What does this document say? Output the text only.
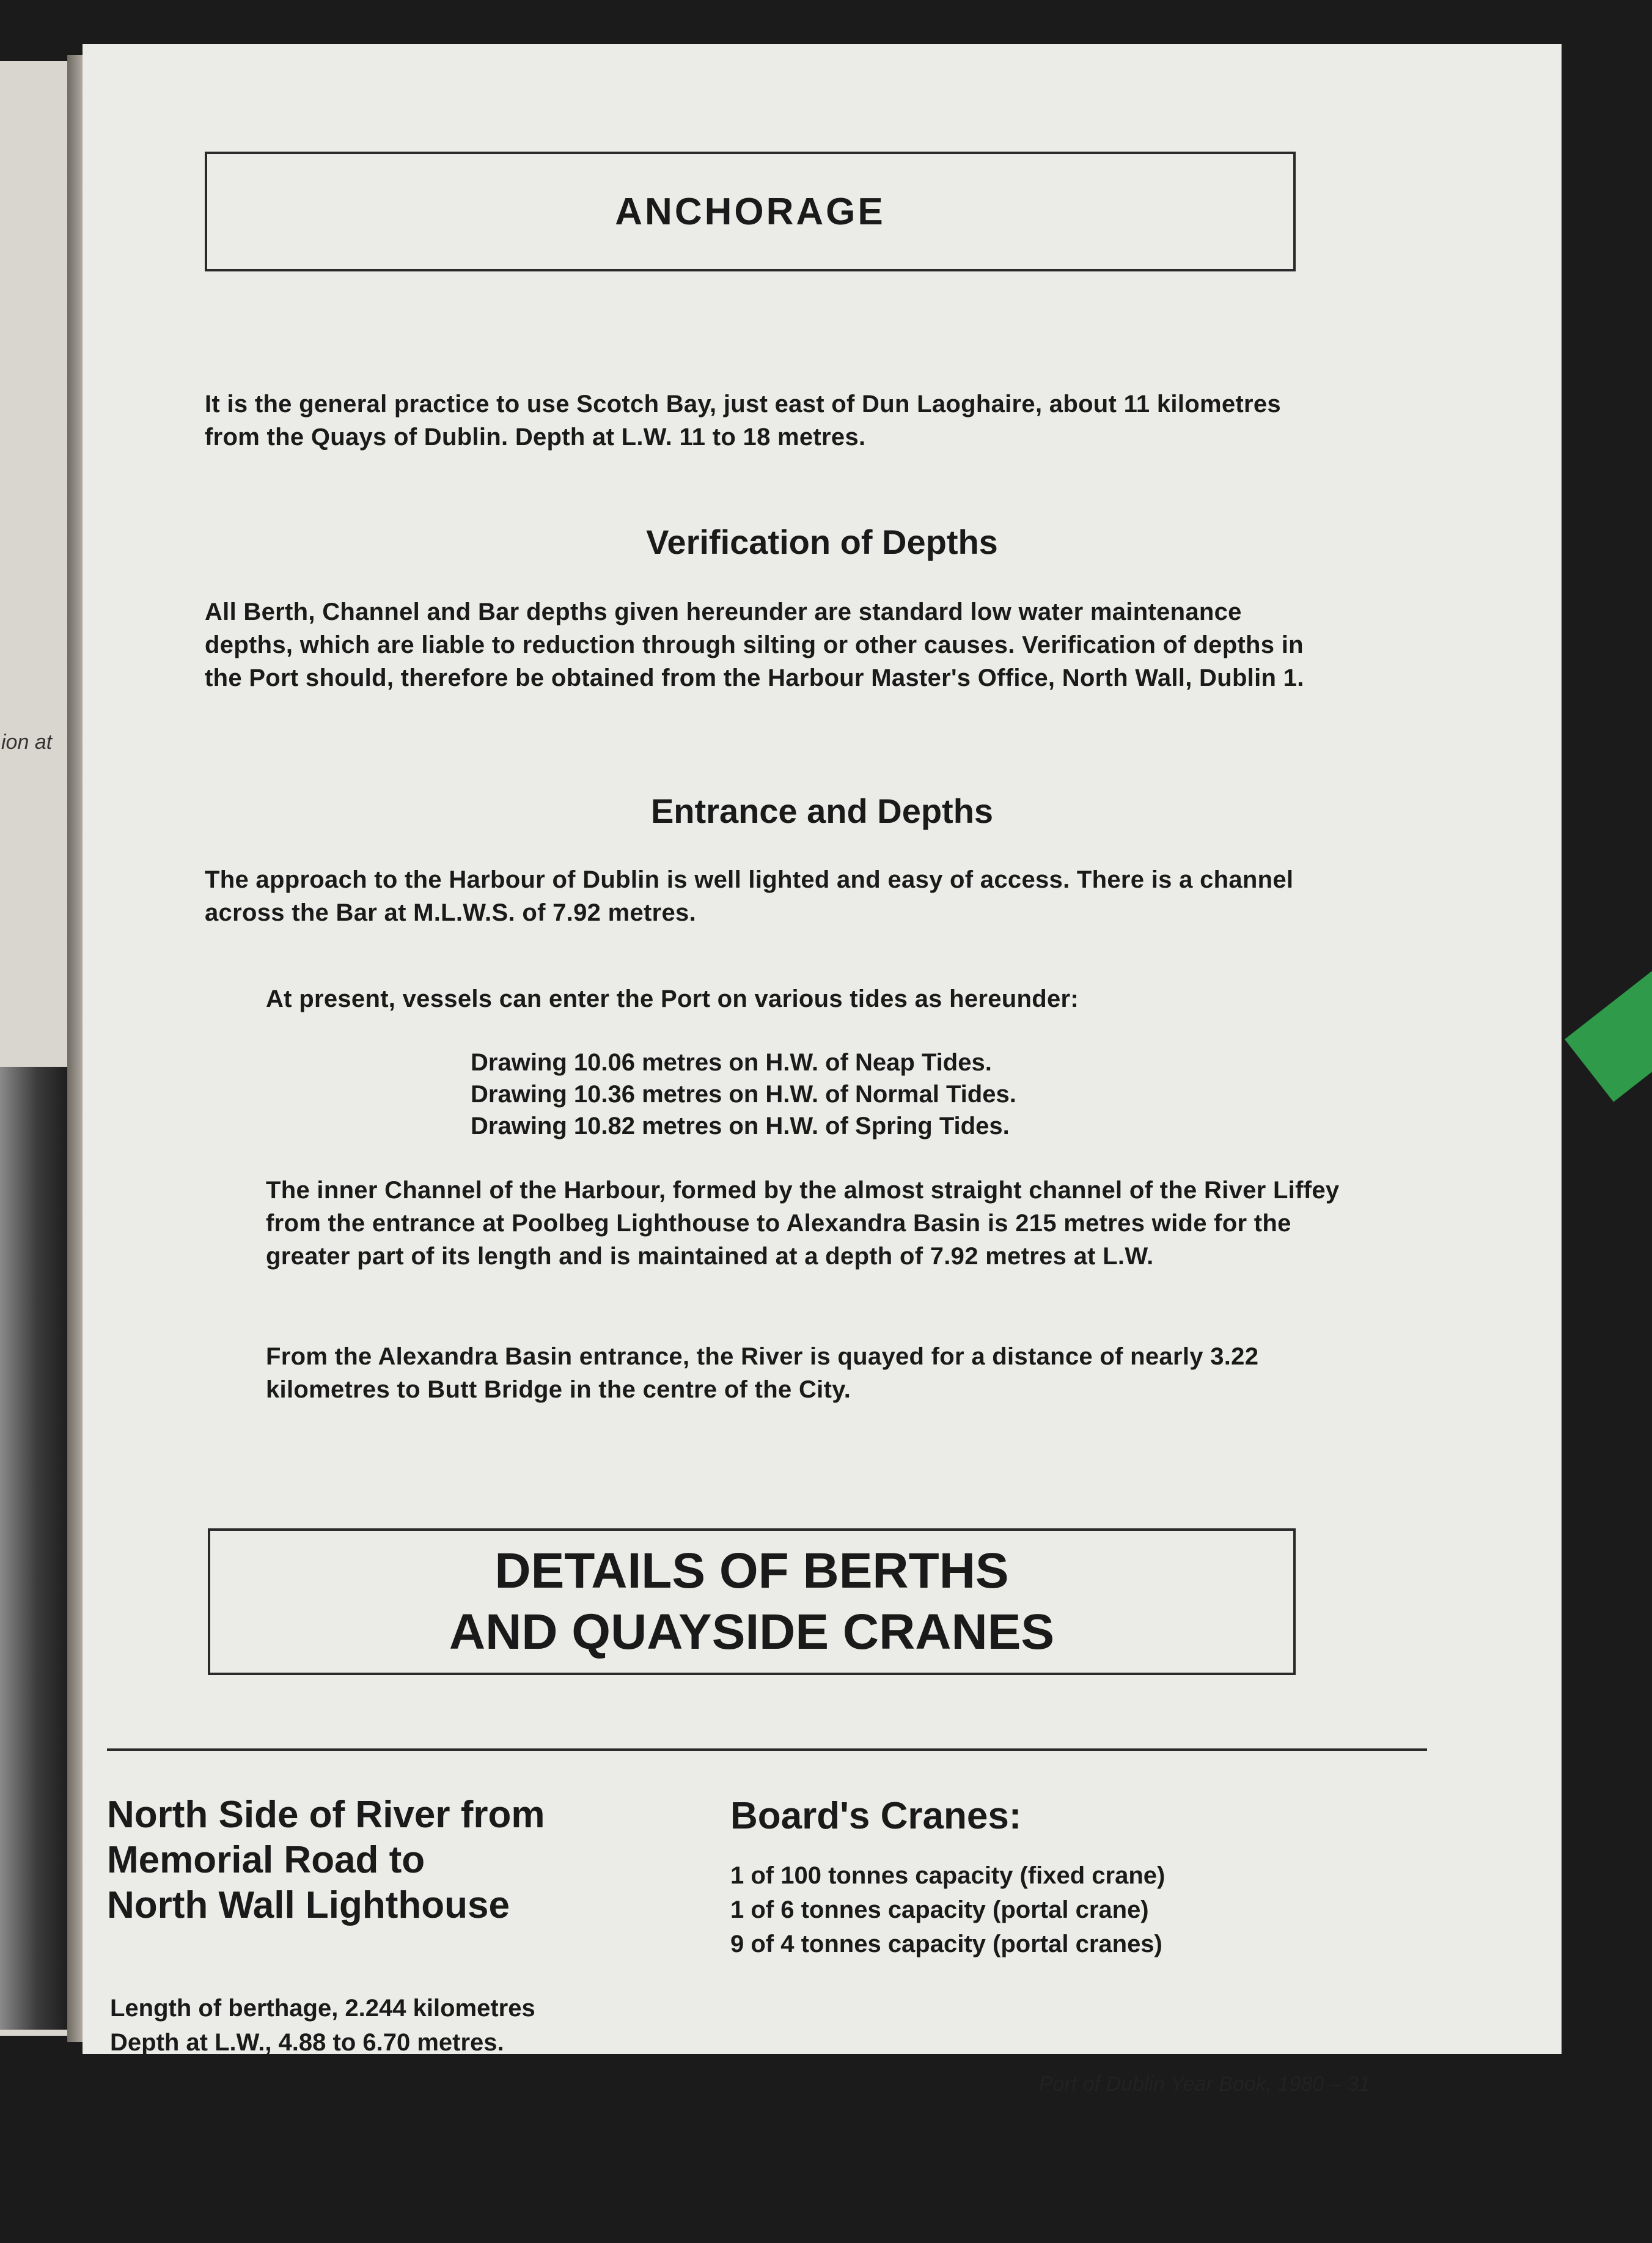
ion at
ANCHORAGE

It is the general practice to use Scotch Bay, just east of Dun Laoghaire, about 11 kilometres from the Quays of Dublin. Depth at L.W. 11 to 18 metres.

Verification of Depths

All Berth, Channel and Bar depths given hereunder are standard low water maintenance depths, which are liable to reduction through silting or other causes. Verification of depths in the Port should, therefore be obtained from the Harbour Master's Office, North Wall, Dublin 1.

Entrance and Depths

The approach to the Harbour of Dublin is well lighted and easy of access. There is a channel across the Bar at M.L.W.S. of 7.92 metres.

At present, vessels can enter the Port on various tides as hereunder:

Drawing 10.06 metres on H.W. of Neap Tides.
Drawing 10.36 metres on H.W. of Normal Tides.
Drawing 10.82 metres on H.W. of Spring Tides.

The inner Channel of the Harbour, formed by the almost straight channel of the River Liffey from the entrance at Poolbeg Lighthouse to Alexandra Basin is 215 metres wide for the greater part of its length and is maintained at a depth of 7.92 metres at L.W.

From the Alexandra Basin entrance, the River is quayed for a distance of nearly 3.22 kilometres to Butt Bridge in the centre of the City.

DETAILS OF BERTHS
AND QUAYSIDE CRANES
North Side of River from
Memorial Road to
North Wall Lighthouse
Board's Cranes:
1 of 100 tonnes capacity (fixed crane)
1 of 6 tonnes capacity (portal crane)
9 of 4 tonnes capacity (portal cranes)
Length of berthage, 2.244 kilometres
Depth at L.W., 4.88 to 6.70 metres.
Port of Dublin Year Book, 1980 – 31
